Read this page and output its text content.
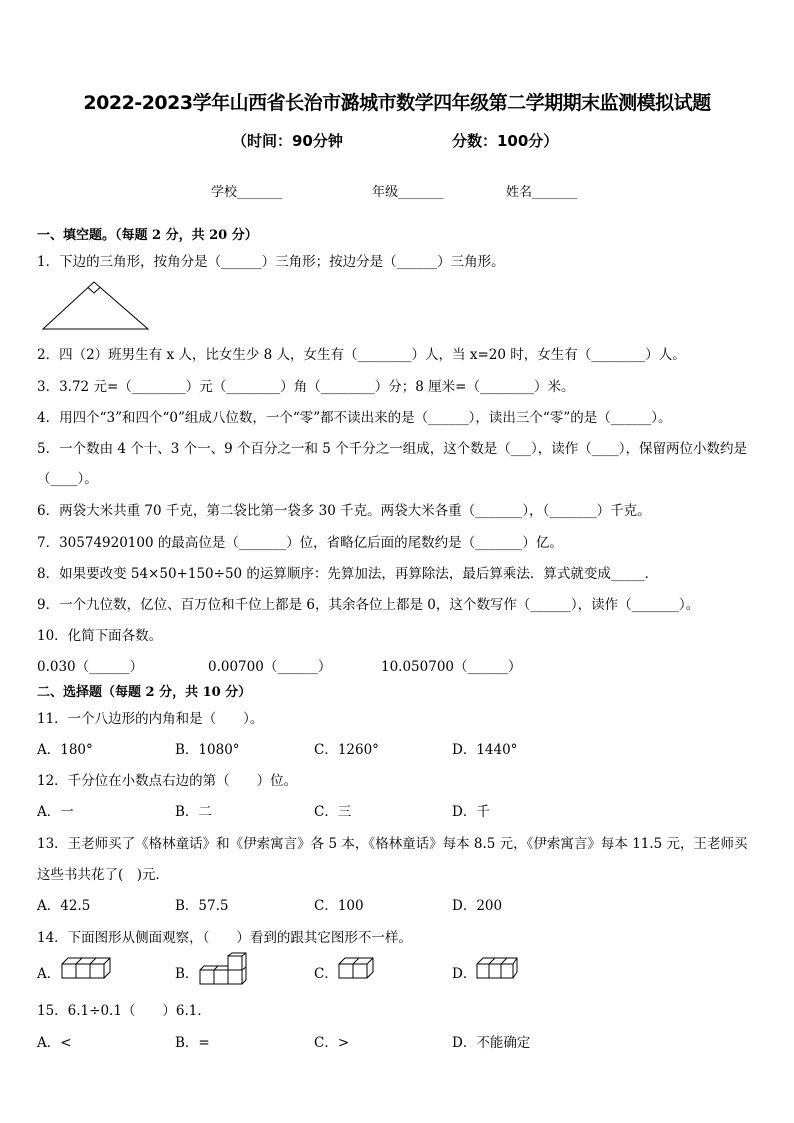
2022-2023学年山西省长治市潞城市数学四年级第二学期期末监测模拟试题
（时间：90分钟	分数：100分）
学校_______	年级_______	姓名_______
一、填空题。（每题 2 分，共 20 分）
1．下边的三角形，按角分是（______）三角形；按边分是（______）三角形。
2．四（2）班男生有 x 人，比女生少 8 人，女生有（________）人，当 x=20 时，女生有（________）人。
3．3.72 元=（________）元（________）角（________）分；8 厘米=（________）米。
4．用四个“3”和四个“0”组成八位数，一个“零”都不读出来的是（______），读出三个“零”的是（______）。
5．一个数由 4 个十、3 个一、9 个百分之一和 5 个千分之一组成，这个数是（___），读作（____），保留两位小数约是
（____）。
6．两袋大米共重 70 千克，第二袋比第一袋多 30 千克。两袋大米各重（_______），（_______）千克。
7．30574920100 的最高位是（_______）位，省略亿后面的尾数约是（_______）亿。
8．如果要改变 54×50+150÷50 的运算顺序：先算加法，再算除法，最后算乘法．算式就变成_____．
9．一个九位数，亿位、百万位和千位上都是 6，其余各位上都是 0，这个数写作（______），读作（_______）。
10．化简下面各数。
0.030（______）	0.00700（______）	10.050700（______）
二、选择题（每题 2 分，共 10 分）
11．一个八边形的内角和是（　　）。
A．180°	B．1080°	C．1260°	D．1440°
12．千分位在小数点右边的第（　　）位。
A．一	B．二	C．三	D．千
13．王老师买了《格林童话》和《伊索寓言》各 5 本，《格林童话》每本 8.5 元，《伊索寓言》每本 11.5 元，王老师买
这些书共花了(　)元．
A．42.5	B．57.5	C．100	D．200
14．下面图形从侧面观察，（　　）看到的跟其它图形不一样。
A．	B．	C．	D．
15．6.1÷0.1（　　）6.1．
A．<	B．=	C．>	D．不能确定
